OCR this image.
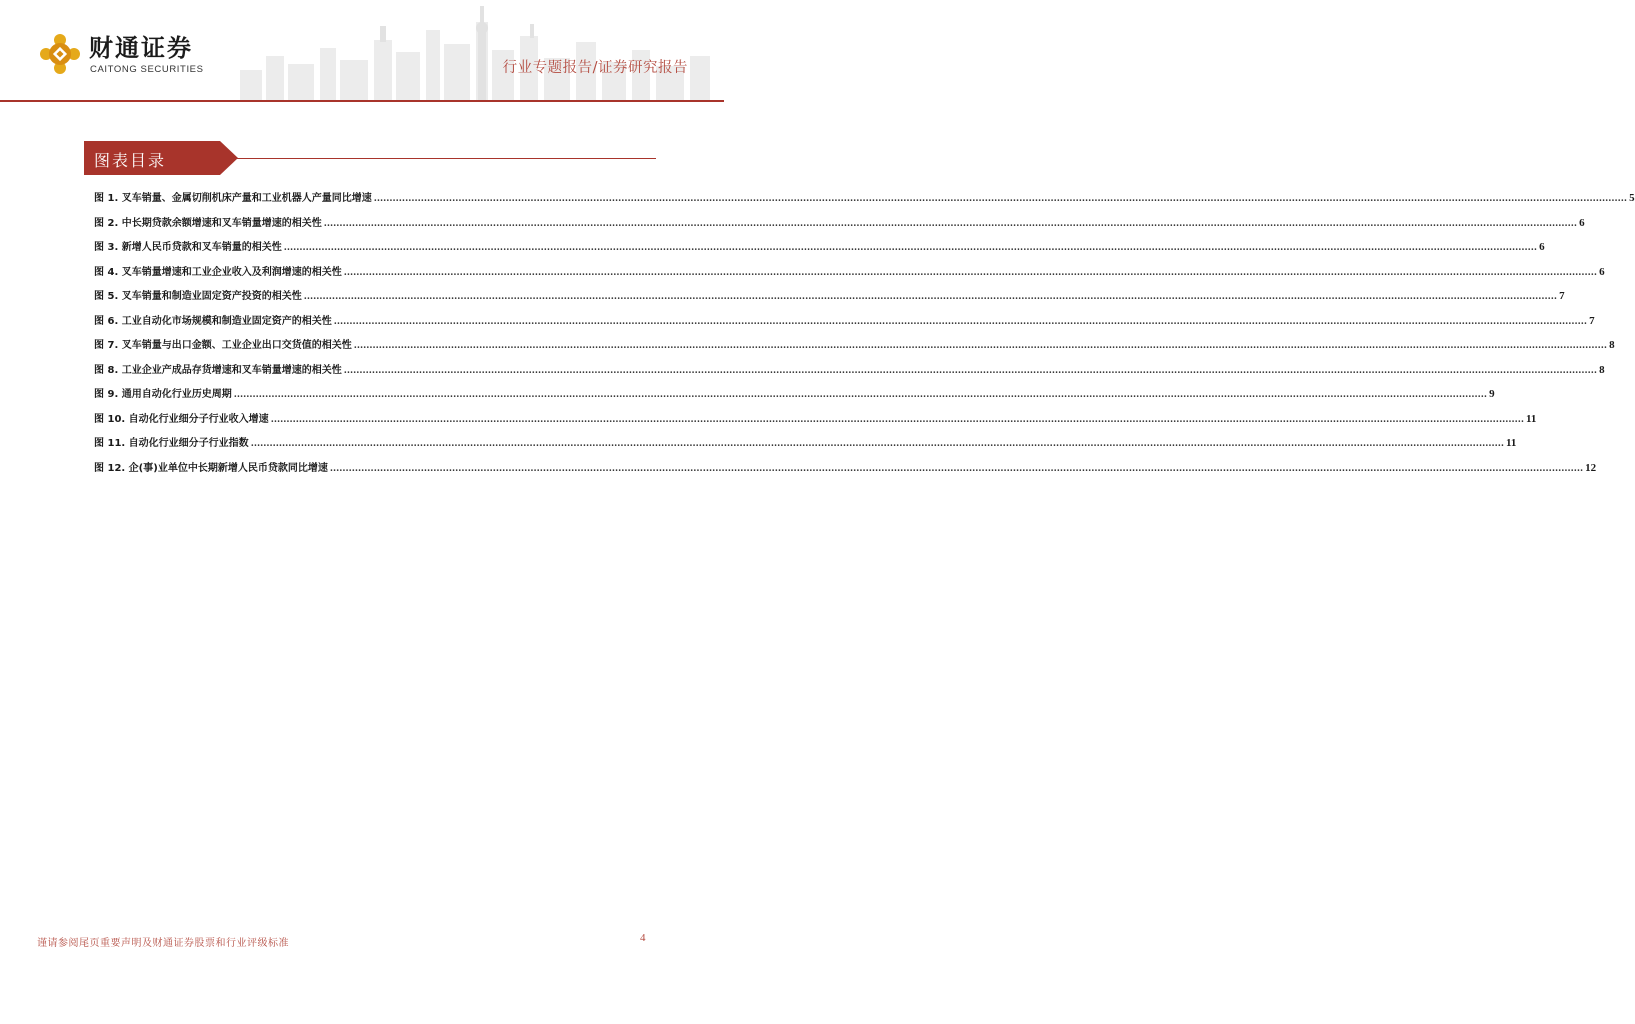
财通证券
CAITONG SECURITIES	行业专题报告/证券研究报告
图表目录
图 1. 叉车销量、金属切削机床产量和工业机器人产量同比增速 ................................................................................................................................................................................................................................................................................................................................................................................................................ 5
图 2. 中长期贷款余额增速和叉车销量增速的相关性 ................................................................................................................................................................................................................................................................................................................................................................................................................ 6
图 3. 新增人民币贷款和叉车销量的相关性 ................................................................................................................................................................................................................................................................................................................................................................................................................ 6
图 4. 叉车销量增速和工业企业收入及利润增速的相关性 ................................................................................................................................................................................................................................................................................................................................................................................................................ 6
图 5. 叉车销量和制造业固定资产投资的相关性 ................................................................................................................................................................................................................................................................................................................................................................................................................ 7
图 6. 工业自动化市场规模和制造业固定资产的相关性 ................................................................................................................................................................................................................................................................................................................................................................................................................ 7
图 7. 叉车销量与出口金额、工业企业出口交货值的相关性 ................................................................................................................................................................................................................................................................................................................................................................................................................ 8
图 8. 工业企业产成品存货增速和叉车销量增速的相关性 ................................................................................................................................................................................................................................................................................................................................................................................................................ 8
图 9. 通用自动化行业历史周期 ................................................................................................................................................................................................................................................................................................................................................................................................................ 9
图 10. 自动化行业细分子行业收入增速 ................................................................................................................................................................................................................................................................................................................................................................................................................ 11
图 11. 自动化行业细分子行业指数 ................................................................................................................................................................................................................................................................................................................................................................................................................ 11
图 12. 企(事)业单位中长期新增人民币贷款同比增速 ................................................................................................................................................................................................................................................................................................................................................................................................................ 12
谨请参阅尾页重要声明及财通证券股票和行业评级标准	4
